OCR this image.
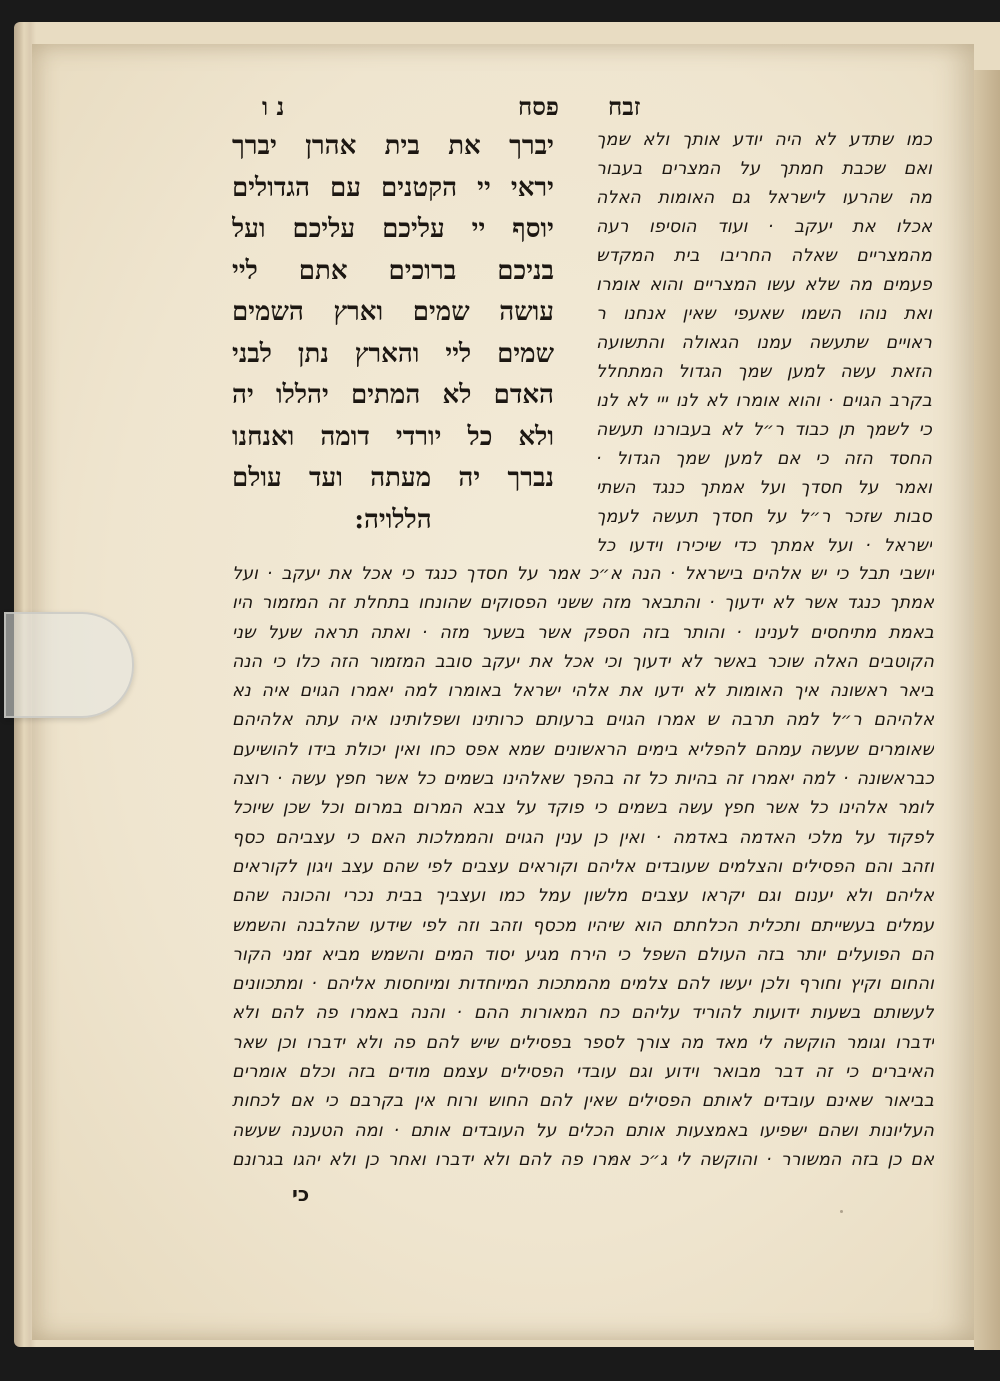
נ ו	פסח זבח
יברך את בית אהרן יברך
יראי יי הקטנים עם הגדולים
יוסף יי עליכם עליכם ועל
בניכם ברוכים אתם ליי
עושה שמים וארץ השמים
שמים ליי והארץ נתן לבני
האדם לא המתים יהללו יה
ולא כל יורדי דומה ואנחנו
נברך יה מעתה ועד עולם
הללויה:
כמו שתדע לא היה יודע אותך ולא שמך
ואם שכבת חמתך על המצרים בעבור
מה שהרעו לישראל גם האומות האלה
אכלו את יעקב · ועוד הוסיפו רעה
מהמצריים שאלה החריבו בית המקדש
פעמים מה שלא עשו המצריים והוא אומרו
ואת נוהו השמו שאעפי שאין אנחנו ר
ראויים שתעשה עמנו הגאולה והתשועה
הזאת עשה למען שמך הגדול המתחלל
בקרב הגוים · והוא אומרו לא לנו ייי לא לנו
כי לשמך תן כבוד ר״ל לא בעבורנו תעשה
החסד הזה כי אם למען שמך הגדול ·
ואמר על חסדך ועל אמתך כנגד השתי
סבות שזכר ר״ל על חסדך תעשה לעמך
ישראל · ועל אמתך כדי שיכירו וידעו כל
יושבי תבל כי יש אלהים בישראל · הנה א״כ אמר על חסדך כנגד כי אכל את יעקב · ועל
אמתך כנגד אשר לא ידעוך · והתבאר מזה ששני הפסוקים שהונחו בתחלת זה המזמור היו
באמת מתיחסים לענינו · והותר בזה הספק אשר בשער מזה · ואתה תראה שעל שני
הקוטבים האלה שוכר באשר לא ידעוך וכי אכל את יעקב סובב המזמור הזה כלו כי הנה
ביאר ראשונה איך האומות לא ידעו את אלהי ישראל באומרו למה יאמרו הגוים איה נא
אלהיהם ר״ל למה תרבה ש אמרו הגוים ברעותם כרותינו ושפלותינו איה עתה אלהיהם
שאומרים שעשה עמהם להפליא בימים הראשונים שמא אפס כחו ואין יכולת בידו להושיעם
כבראשונה · למה יאמרו זה בהיות כל זה בהפך שאלהינו בשמים כל אשר חפץ עשה · רוצה
לומר אלהינו כל אשר חפץ עשה בשמים כי פוקד על צבא המרום במרום וכל שכן שיוכל
לפקוד על מלכי האדמה באדמה · ואין כן ענין הגוים והממלכות האם כי עצביהם כסף
וזהב והם הפסילים והצלמים שעובדים אליהם וקוראים עצבים לפי שהם עצב ויגון לקוראים
אליהם ולא יענום וגם יקראו עצבים מלשון עמל כמו ועצביך בבית נכרי והכונה שהם
עמלים בעשייתם ותכלית הכלחתם הוא שיהיו מכסף וזהב וזה לפי שידעו שהלבנה והשמש
הם הפועלים יותר בזה העולם השפל כי הירח מגיע יסוד המים והשמש מביא זמני הקור
והחום וקיץ וחורף ולכן יעשו להם צלמים מהמתכות המיוחדות ומיוחסות אליהם · ומתכוונים
לעשותם בשעות ידועות להוריד עליהם כח המאורות ההם · והנה באמרו פה להם ולא
ידברו וגומר הוקשה לי מאד מה צורך לספר בפסילים שיש להם פה ולא ידברו וכן שאר
האיברים כי זה דבר מבואר וידוע וגם עובדי הפסילים עצמם מודים בזה וכלם אומרים
בביאור שאינם עובדים לאותם הפסילים שאין להם החוש ורוח אין בקרבם כי אם לכחות
העליונות ושהם ישפיעו באמצעות אותם הכלים על העובדים אותם · ומה הטענה שעשה
אם כן בזה המשורר · והוקשה לי ג״כ אמרו פה להם ולא ידברו ואחר כן ולא יהגו בגרונם
כי
